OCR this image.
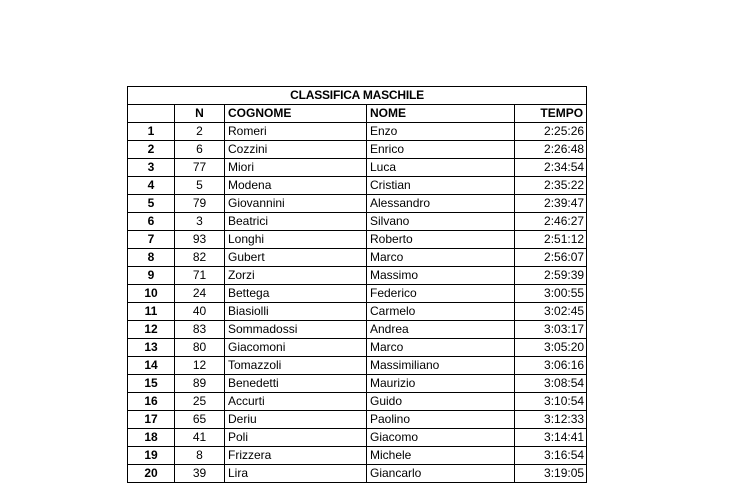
CLASSIFICA MASCHILE				
	N	COGNOME	NOME	TEMPO
1	2	Romeri	Enzo	2:25:26
2	6	Cozzini	Enrico	2:26:48
3	77	Miori	Luca	2:34:54
4	5	Modena	Cristian	2:35:22
5	79	Giovannini	Alessandro	2:39:47
6	3	Beatrici	Silvano	2:46:27
7	93	Longhi	Roberto	2:51:12
8	82	Gubert	Marco	2:56:07
9	71	Zorzi	Massimo	2:59:39
10	24	Bettega	Federico	3:00:55
11	40	Biasiolli	Carmelo	3:02:45
12	83	Sommadossi	Andrea	3:03:17
13	80	Giacomoni	Marco	3:05:20
14	12	Tomazzoli	Massimiliano	3:06:16
15	89	Benedetti	Maurizio	3:08:54
16	25	Accurti	Guido	3:10:54
17	65	Deriu	Paolino	3:12:33
18	41	Poli	Giacomo	3:14:41
19	8	Frizzera	Michele	3:16:54
20	39	Lira	Giancarlo	3:19:05
